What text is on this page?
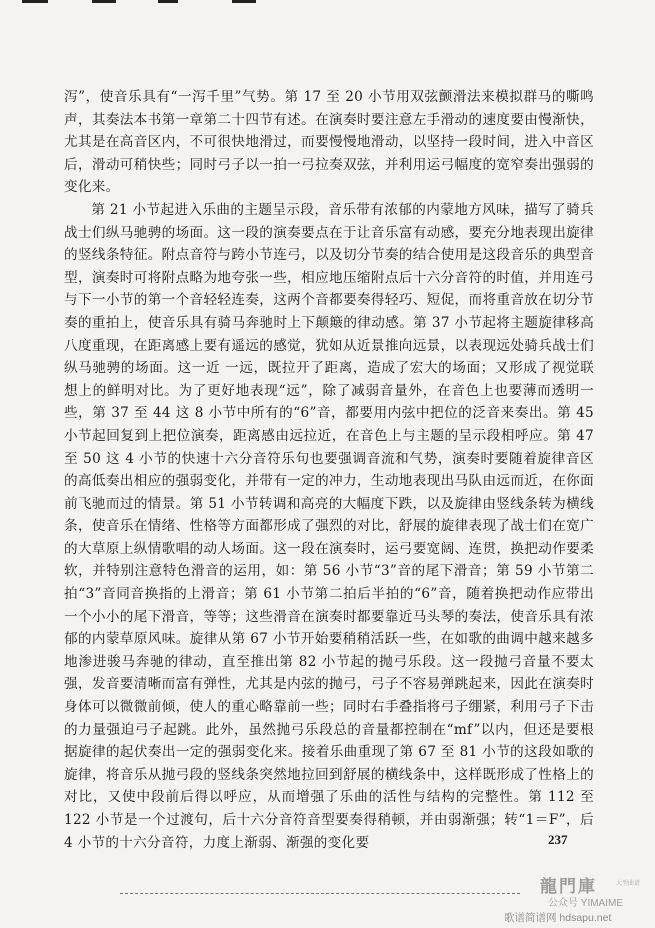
泻”，使音乐具有“一泻千里”气势。第 17 至 20 小节用双弦颤滑法来模拟群马的嘶鸣声，其奏法本书第一章第二十四节有述。在演奏时要注意左手滑动的速度要由慢渐快，尤其是在高音区内，不可很快地滑过，而要慢慢地滑动，以坚持一段时间，进入中音区后，滑动可稍快些；同时弓子以一拍一弓拉奏双弦，并利用运弓幅度的宽窄奏出强弱的变化来。

第 21 小节起进入乐曲的主题呈示段，音乐带有浓郁的内蒙地方风味，描写了骑兵战士们纵马驰骋的场面。这一段的演奏要点在于让音乐富有动感，要充分地表现出旋律的竖线条特征。附点音符与跨小节连弓，以及切分节奏的结合使用是这段音乐的典型音型，演奏时可将附点略为地夸张一些，相应地压缩附点后十六分音符的时值，并用连弓与下一小节的第一个音轻轻连奏，这两个音都要奏得轻巧、短促，而将重音放在切分节奏的重拍上，使音乐具有骑马奔驰时上下颠簸的律动感。第 37 小节起将主题旋律移高八度重现，在距离感上要有遥远的感觉，犹如从近景推向远景，以表现远处骑兵战士们纵马驰骋的场面。这一近 一远，既拉开了距离，造成了宏大的场面；又形成了视觉联想上的鲜明对比。为了更好地表现“远”，除了减弱音量外，在音色上也要薄而透明一些，第 37 至 44 这 8 小节中所有的“6”音，都要用内弦中把位的泛音来奏出。第 45 小节起回复到上把位演奏，距离感由远拉近，在音色上与主题的呈示段相呼应。第 47 至 50 这 4 小节的快速十六分音符乐句也要强调音流和气势，演奏时要随着旋律音区的高低奏出相应的强弱变化，并带有一定的冲力，生动地表现出马队由远而近，在你面前飞驰而过的情景。第 51 小节转调和高亮的大幅度下跌，以及旋律由竖线条转为横线条，使音乐在情绪、性格等方面都形成了强烈的对比，舒展的旋律表现了战士们在宽广的大草原上纵情歌唱的动人场面。这一段在演奏时，运弓要宽阔、连贯，换把动作要柔软，并特别注意特色滑音的运用，如：第 56 小节“3”音的尾下滑音；第 59 小节第二拍“3”音同音换指的上滑音；第 61 小节第二拍后半拍的“6”音，随着换把动作应带出一个小小的尾下滑音，等等；这些滑音在演奏时都要靠近马头琴的奏法，使音乐具有浓郁的内蒙草原风味。旋律从第 67 小节开始要稍稍活跃一些，在如歌的曲调中越来越多地渗进骏马奔驰的律动，直至推出第 82 小节起的抛弓乐段。这一段抛弓音量不要太强，发音要清晰而富有弹性，尤其是内弦的抛弓，弓子不容易弹跳起来，因此在演奏时身体可以微微前倾，使人的重心略靠前一些；同时右手叠指将弓子绷紧，利用弓子下击的力量强迫弓子起跳。此外，虽然抛弓乐段总的音量都控制在“mf”以内，但还是要根据旋律的起伏奏出一定的强弱变化来。接着乐曲重现了第 67 至 81 小节的这段如歌的旋律，将音乐从抛弓段的竖线条突然地拉回到舒展的横线条中，这样既形成了性格上的对比，又使中段前后得以呼应，从而增强了乐曲的活性与结构的完整性。第 112 至 122 小节是一个过渡句，后十六分音符音型要奏得稍顿，并由弱渐强；转“1＝F”，后 4 小节的十六分音符，力度上渐弱、渐强的变化要	237
龍門庫	大型曲谱
公众号 YIMAIME
歌谱简谱网 hdsapu.net
